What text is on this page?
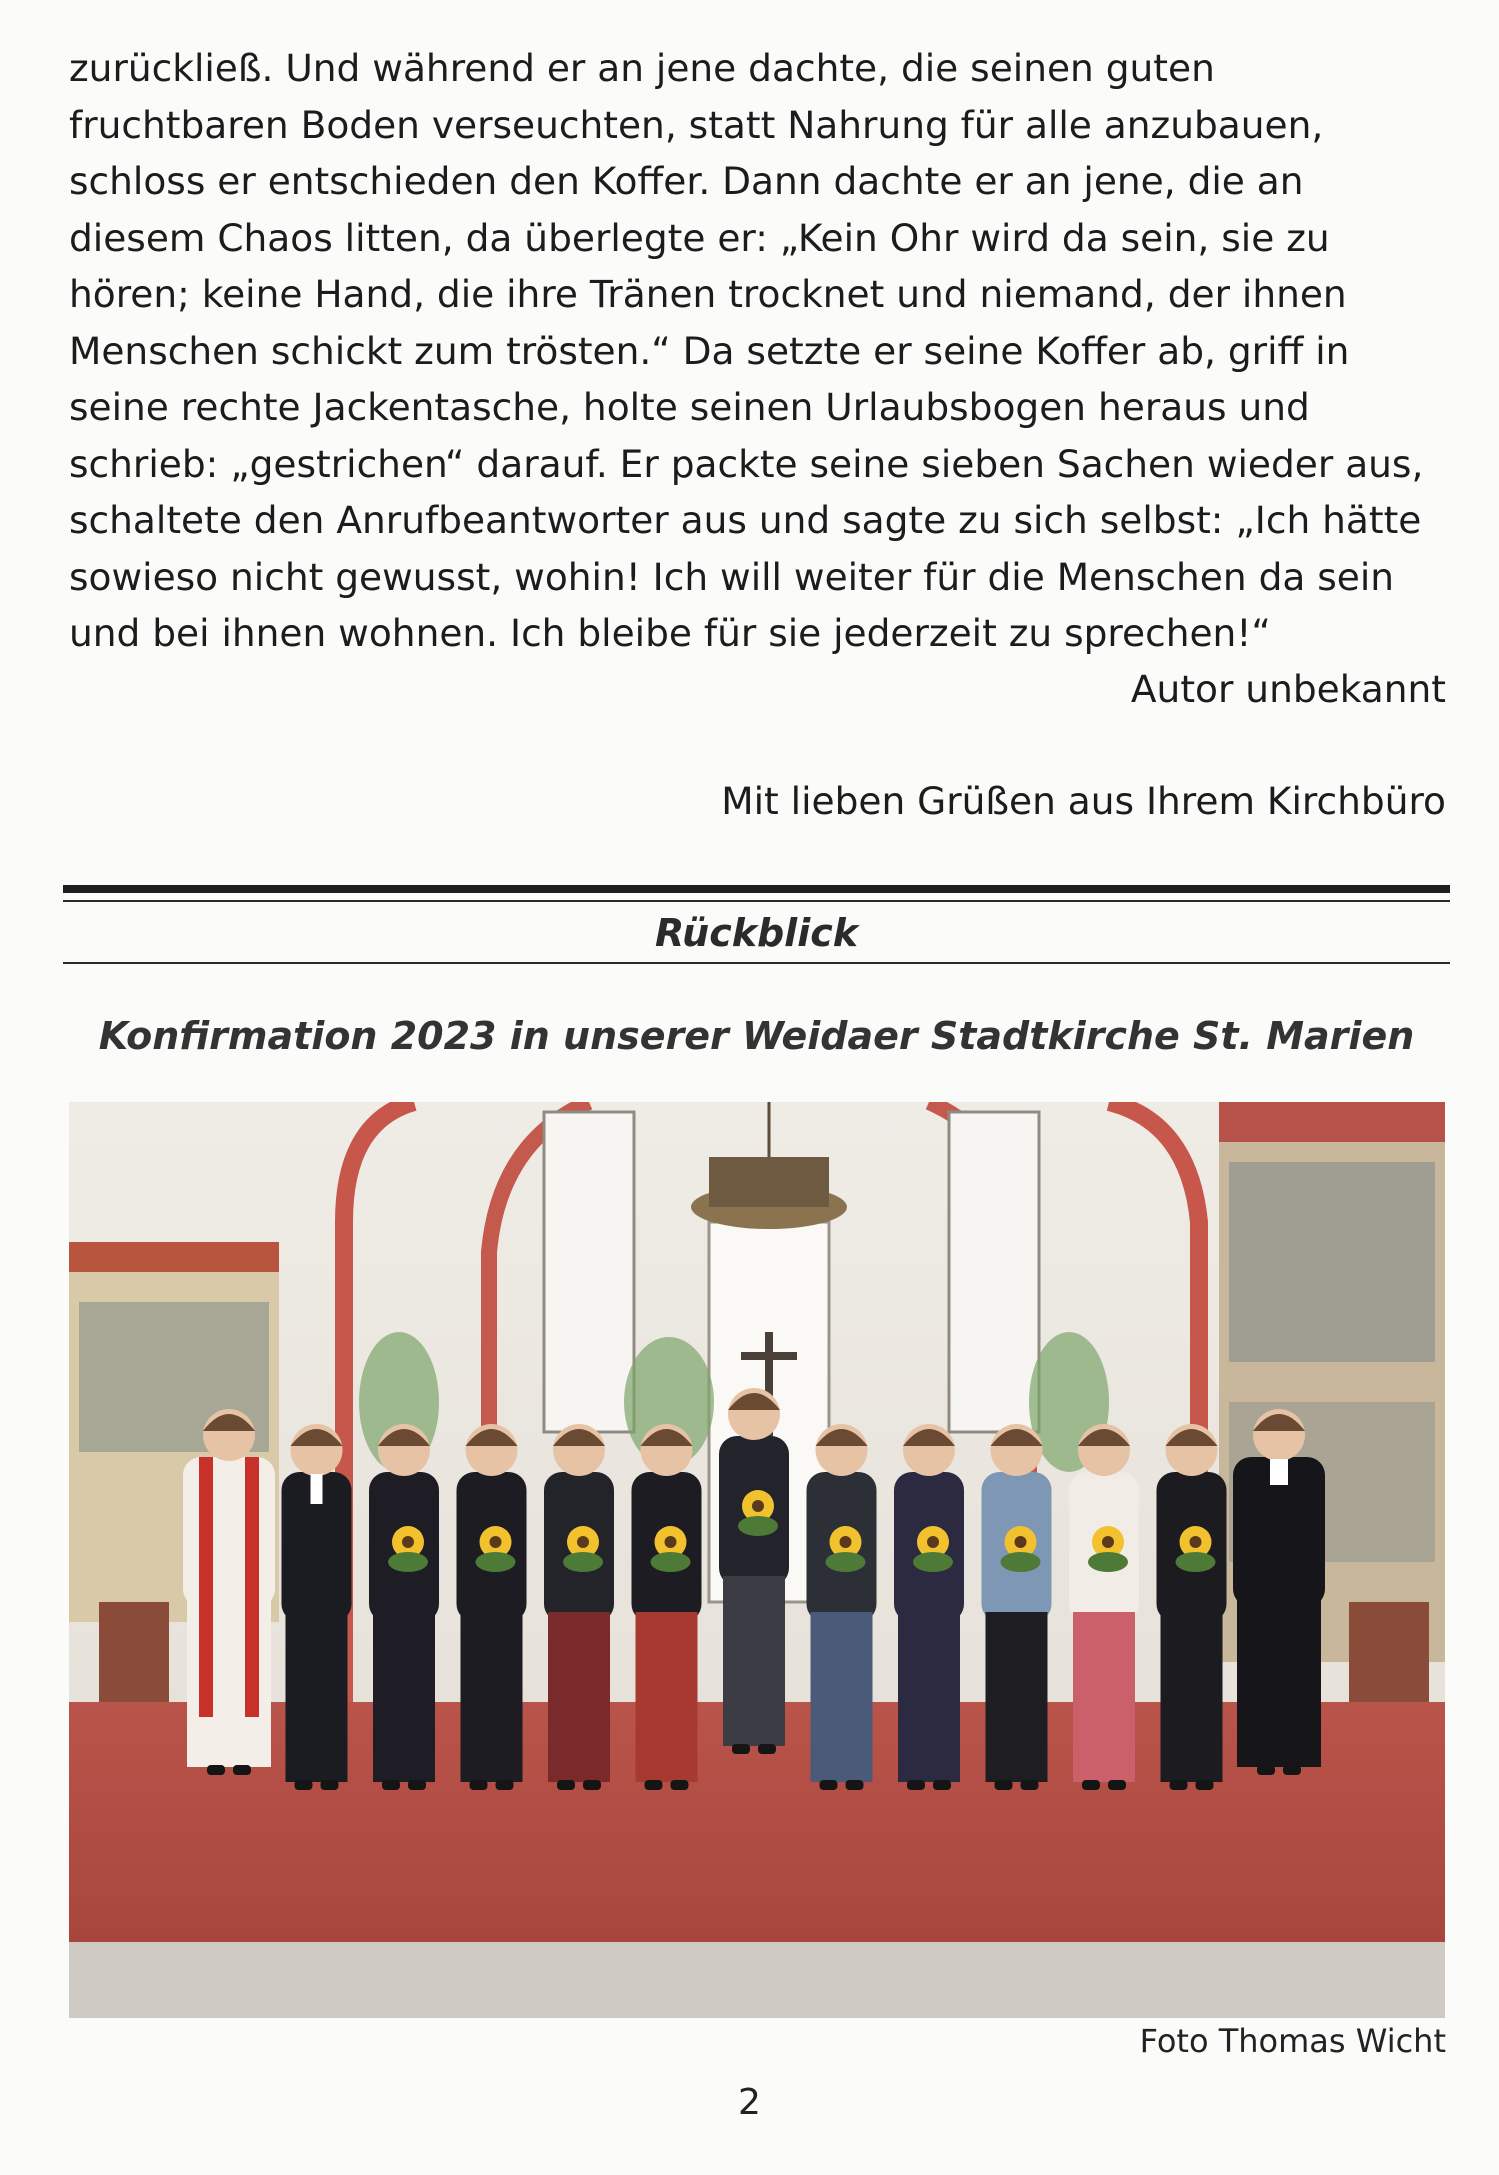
zurückließ. Und während er an jene dachte, die seinen guten

fruchtbaren Boden verseuchten, statt Nahrung für alle anzubauen,

schloss er entschieden den Koffer. Dann dachte er an jene, die an

diesem Chaos litten, da überlegte er: „Kein Ohr wird da sein, sie zu

hören; keine Hand, die ihre Tränen trocknet und niemand, der ihnen

Menschen schickt zum trösten.“ Da setzte er seine Koffer ab, griff in

seine rechte Jackentasche, holte seinen Urlaubsbogen heraus und

schrieb: „gestrichen“ darauf. Er packte seine sieben Sachen wieder aus,

schaltete den Anrufbeantworter aus und sagte zu sich selbst: „Ich hätte

sowieso nicht gewusst, wohin! Ich will weiter für die Menschen da sein

und bei ihnen wohnen. Ich bleibe für sie jederzeit zu sprechen!“

Autor unbekannt
Mit lieben Grüßen aus Ihrem Kirchbüro
Rückblick
Konfirmation 2023 in unserer Weidaer Stadtkirche St. Marien
Foto Thomas Wicht
2
